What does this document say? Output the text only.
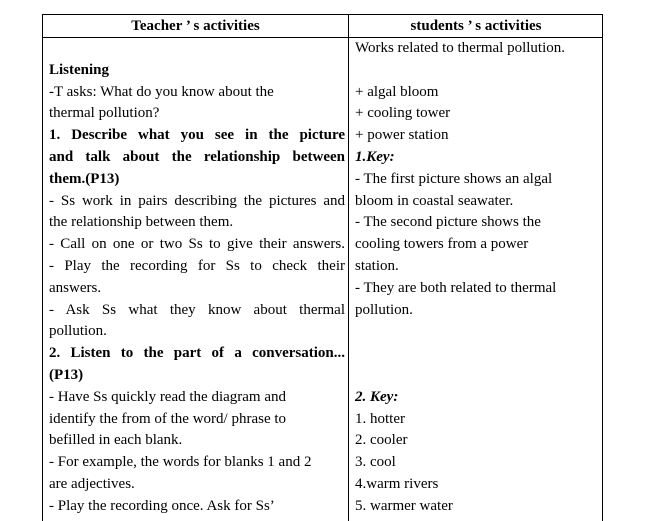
Teacher ’ s activities	students ’ s activities
Listening
-T asks: What do you know about the
thermal pollution?
1. Describe what you see in the picture
and talk about the relationship between
them.(P13)
- Ss work in pairs describing the pictures and
the relationship between them.
- Call on one or two Ss to give their answers.
- Play the recording for Ss to check their
answers.
- Ask Ss what they know about thermal
pollution.
2. Listen to the part of a conversation...
(P13)
- Have Ss quickly read the diagram and
identify the from of the word/ phrase to
befilled in each blank.
- For example, the words for blanks 1 and 2
are adjectives.
- Play the recording once. Ask for Ss’
Works related to thermal pollution.
+ algal bloom
+ cooling tower
+ power station
1.Key:
- The first picture shows an algal
bloom in coastal seawater.
- The second picture shows the
cooling towers from a power
station.
- They are both related to thermal
pollution.
2. Key:
1. hotter
2. cooler
3. cool
4.warm rivers
5. warmer water
